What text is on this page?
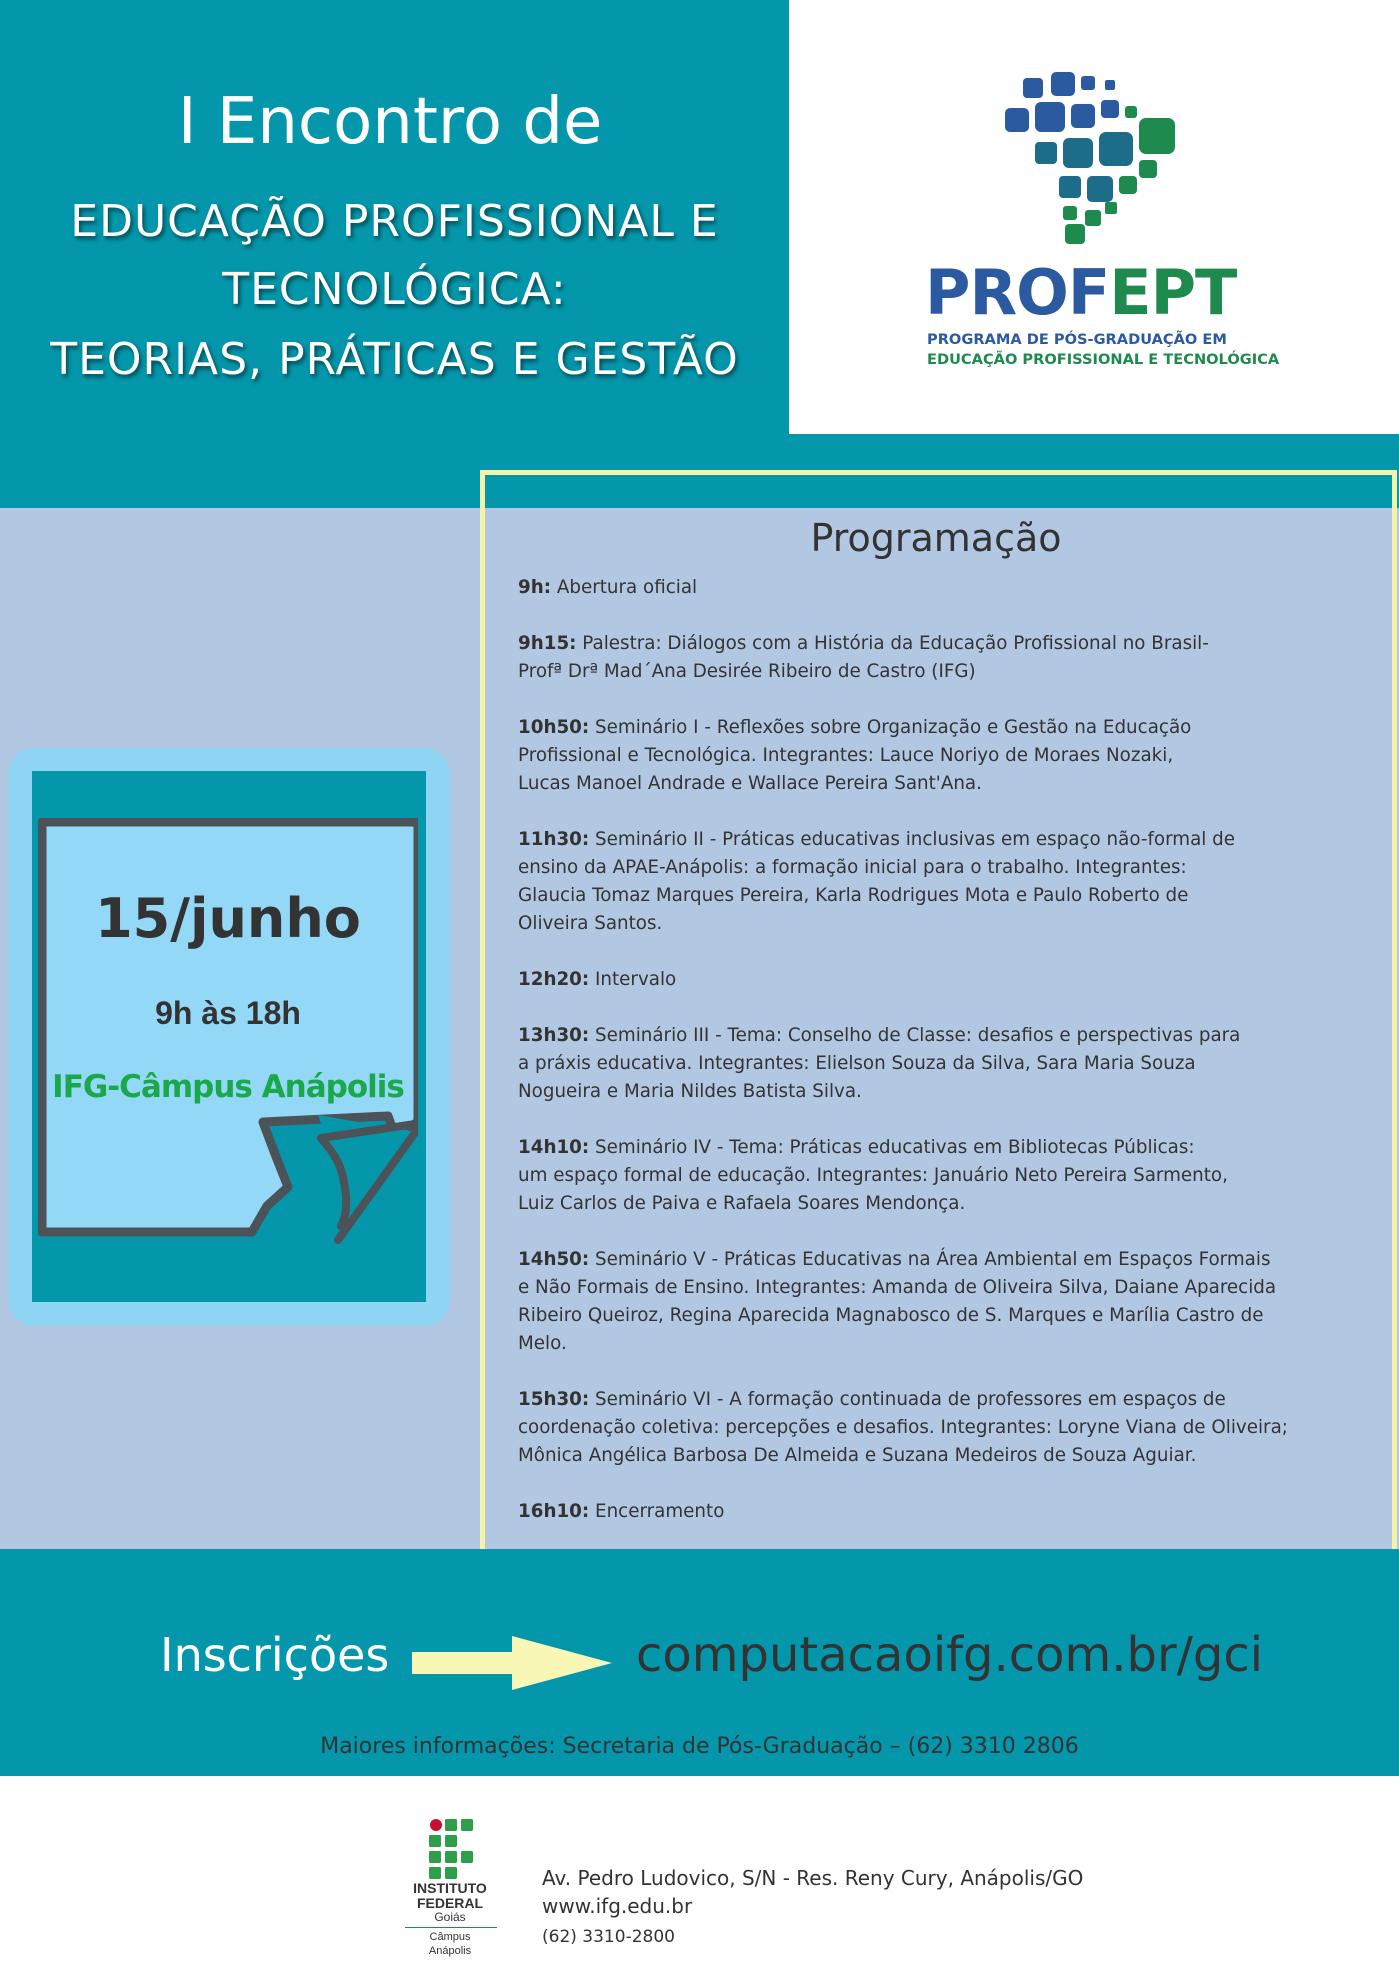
I Encontro de
EDUCAÇÃO PROFISSIONAL E
TECNOLÓGICA:
TEORIAS, PRÁTICAS E GESTÃO
PROFEPT
PROGRAMA DE PÓS-GRADUAÇÃO EM
EDUCAÇÃO PROFISSIONAL E TECNOLÓGICA
Programação
9h: Abertura oficial
9h15: Palestra: Diálogos com a História da Educação Profissional no Brasil-
Profª Drª Mad´Ana Desirée Ribeiro de Castro (IFG)
10h50: Seminário I - Reflexões sobre Organização e Gestão na Educação
Profissional e Tecnológica. Integrantes: Lauce Noriyo de Moraes Nozaki,
Lucas Manoel Andrade e Wallace Pereira Sant'Ana.
11h30: Seminário II - Práticas educativas inclusivas em espaço não-formal de
ensino da APAE-Anápolis: a formação inicial para o trabalho. Integrantes:
Glaucia Tomaz Marques Pereira, Karla Rodrigues Mota e Paulo Roberto de
Oliveira Santos.
12h20: Intervalo
13h30: Seminário III - Tema: Conselho de Classe: desafios e perspectivas para
a práxis educativa. Integrantes: Elielson Souza da Silva, Sara Maria Souza
Nogueira e Maria Nildes Batista Silva.
14h10: Seminário IV - Tema: Práticas educativas em Bibliotecas Públicas:
um espaço formal de educação. Integrantes: Januário Neto Pereira Sarmento,
Luiz Carlos de Paiva e Rafaela Soares Mendonça.
14h50: Seminário V - Práticas Educativas na Área Ambiental em Espaços Formais
e Não Formais de Ensino. Integrantes: Amanda de Oliveira Silva, Daiane Aparecida
Ribeiro Queiroz, Regina Aparecida Magnabosco de S. Marques e Marília Castro de
Melo.
15h30: Seminário VI - A formação continuada de professores em espaços de
coordenação coletiva: percepções e desafios. Integrantes: Loryne Viana de Oliveira;
Mônica Angélica Barbosa De Almeida e Suzana Medeiros de Souza Aguiar.
16h10: Encerramento
15/junho
9h às 18h
IFG-Câmpus Anápolis
Inscrições	computacaoifg.com.br/gci
Maiores informações: Secretaria de Pós-Graduação – (62) 3310 2806
INSTITUTO
FEDERAL
Goiás
Câmpus
Anápolis
Av. Pedro Ludovico, S/N - Res. Reny Cury, Anápolis/GO
www.ifg.edu.br
(62) 3310-2800
